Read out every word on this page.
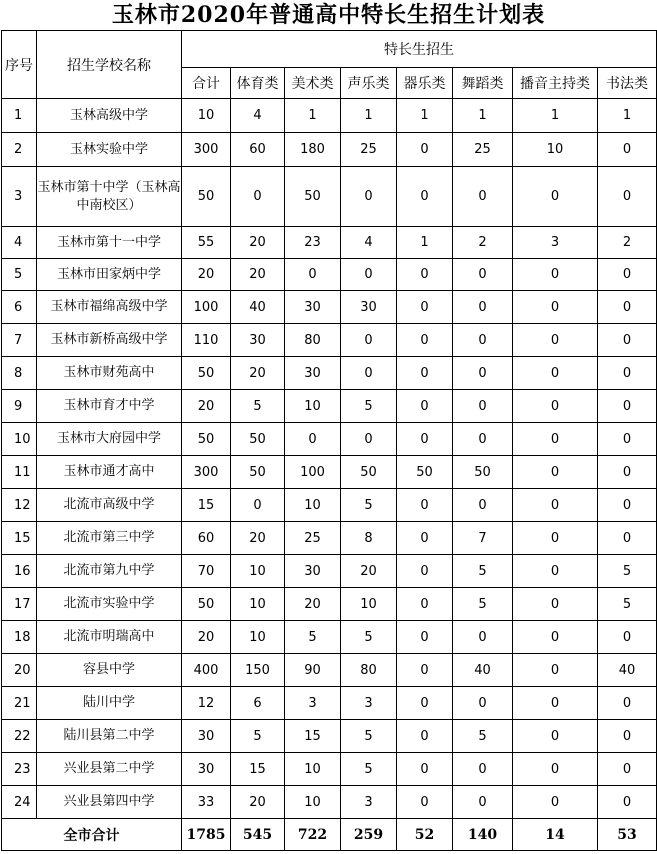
玉林市2020年普通高中特长生招生计划表
序号	招生学校名称	特长生招生							
		合计	体育类	美术类	声乐类	器乐类	舞蹈类	播音主持类	书法类
1	玉林高级中学	10	4	1	1	1	1	1	1
2	玉林实验中学	300	60	180	25	0	25	10	0
3	玉林市第十中学（玉林高中南校区）	50	0	50	0	0	0	0	0
4	玉林市第十一中学	55	20	23	4	1	2	3	2
5	玉林市田家炳中学	20	20	0	0	0	0	0	0
6	玉林市福绵高级中学	100	40	30	30	0	0	0	0
7	玉林市新桥高级中学	110	30	80	0	0	0	0	0
8	玉林市财苑高中	50	20	30	0	0	0	0	0
9	玉林市育才中学	20	5	10	5	0	0	0	0
10	玉林市大府园中学	50	50	0	0	0	0	0	0
11	玉林市通才高中	300	50	100	50	50	50	0	0
12	北流市高级中学	15	0	10	5	0	0	0	0
15	北流市第三中学	60	20	25	8	0	7	0	0
16	北流市第九中学	70	10	30	20	0	5	0	5
17	北流市实验中学	50	10	20	10	0	5	0	5
18	北流市明瑞高中	20	10	5	5	0	0	0	0
20	容县中学	400	150	90	80	0	40	0	40
21	陆川中学	12	6	3	3	0	0	0	0
22	陆川县第二中学	30	5	15	5	0	5	0	0
23	兴业县第二中学	30	15	10	5	0	0	0	0
24	兴业县第四中学	33	20	10	3	0	0	0	0
全市合计		1785	545	722	259	52	140	14	53
